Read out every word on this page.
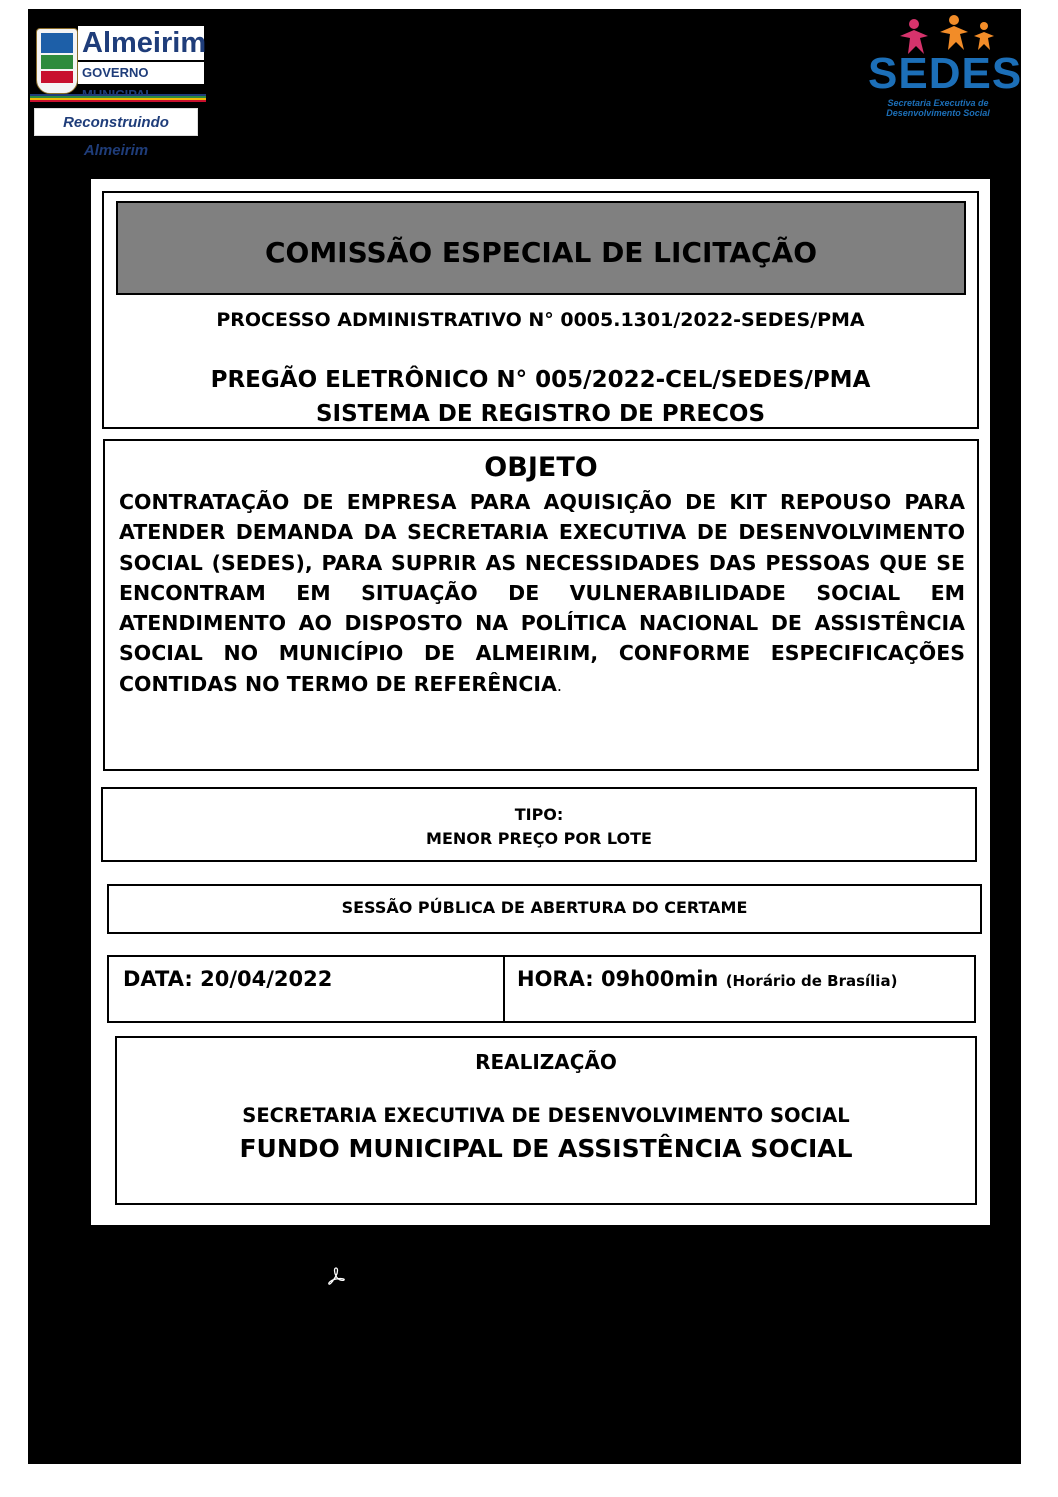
Almeirim
GOVERNO
Reconstruindo Almeirim
SEDES
Secretaria Executiva de Desenvolvimento Social
COMISSÃO ESPECIAL DE LICITAÇÃO
PROCESSO ADMINISTRATIVO N° 0005.1301/2022-SEDES/PMA
PREGÃO ELETRÔNICO N° 005/2022-CEL/SEDES/PMA
SISTEMA DE REGISTRO DE PRECOS
OBJETO
CONTRATAÇÃO DE EMPRESA PARA AQUISIÇÃO DE KIT REPOUSO PARA ATENDER DEMANDA DA SECRETARIA EXECUTIVA DE DESENVOLVIMENTO SOCIAL (SEDES), PARA SUPRIR AS NECESSIDADES DAS PESSOAS QUE SE ENCONTRAM EM SITUAÇÃO DE VULNERABILIDADE SOCIAL EM ATENDIMENTO AO DISPOSTO NA POLÍTICA NACIONAL DE ASSISTÊNCIA SOCIAL NO MUNICÍPIO DE ALMEIRIM, CONFORME ESPECIFICAÇÕES CONTIDAS NO TERMO DE REFERÊNCIA.
TIPO:
MENOR PREÇO POR LOTE
SESSÃO PÚBLICA DE ABERTURA DO CERTAME
DATA: 20/04/2022	HORA: 09h00min (Horário de Brasília)
REALIZAÇÃO
SECRETARIA EXECUTIVA DE DESENVOLVIMENTO SOCIAL
FUNDO MUNICIPAL DE ASSISTÊNCIA SOCIAL
